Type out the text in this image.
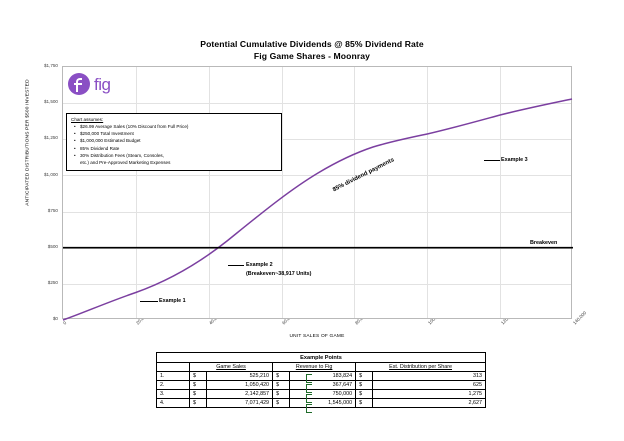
Potential Cumulative Dividends @ 85% Dividend Rate
Fig Game Shares - Moonray
ANTICIPATED DISTRIBUTIONS PER $500 INVESTED
UNIT SALES OF GAME
$1,750
$1,500
$1,250
$1,000
$750
$500
$250
$0
0	140,000
fig
Chart assumes:
• $26.99 Average Sales (10% Discount from Full Price)
• $250,000 Total Investment
• $1,000,000 Estimated Budget
• 85% Dividend Rate
• 30% Distribution Fees (Steam, Consoles,
etc.) and Pre-Approved Marketing Expenses	85% dividend payments
Breakeven
Example 1
Example 2
(Breakeven~38,917 Units)
Example 3
Example Points						
	Game Sales		Revenue to Fig		Est. Distribution per Share	
1.	$	525,210	$	183,824	$	313
2.	$	1,050,420	$	367,647	$	625
3.	$	2,142,857	$	750,000	$	1,275
4.	$	7,071,429	$	1,545,000	$	2,627
